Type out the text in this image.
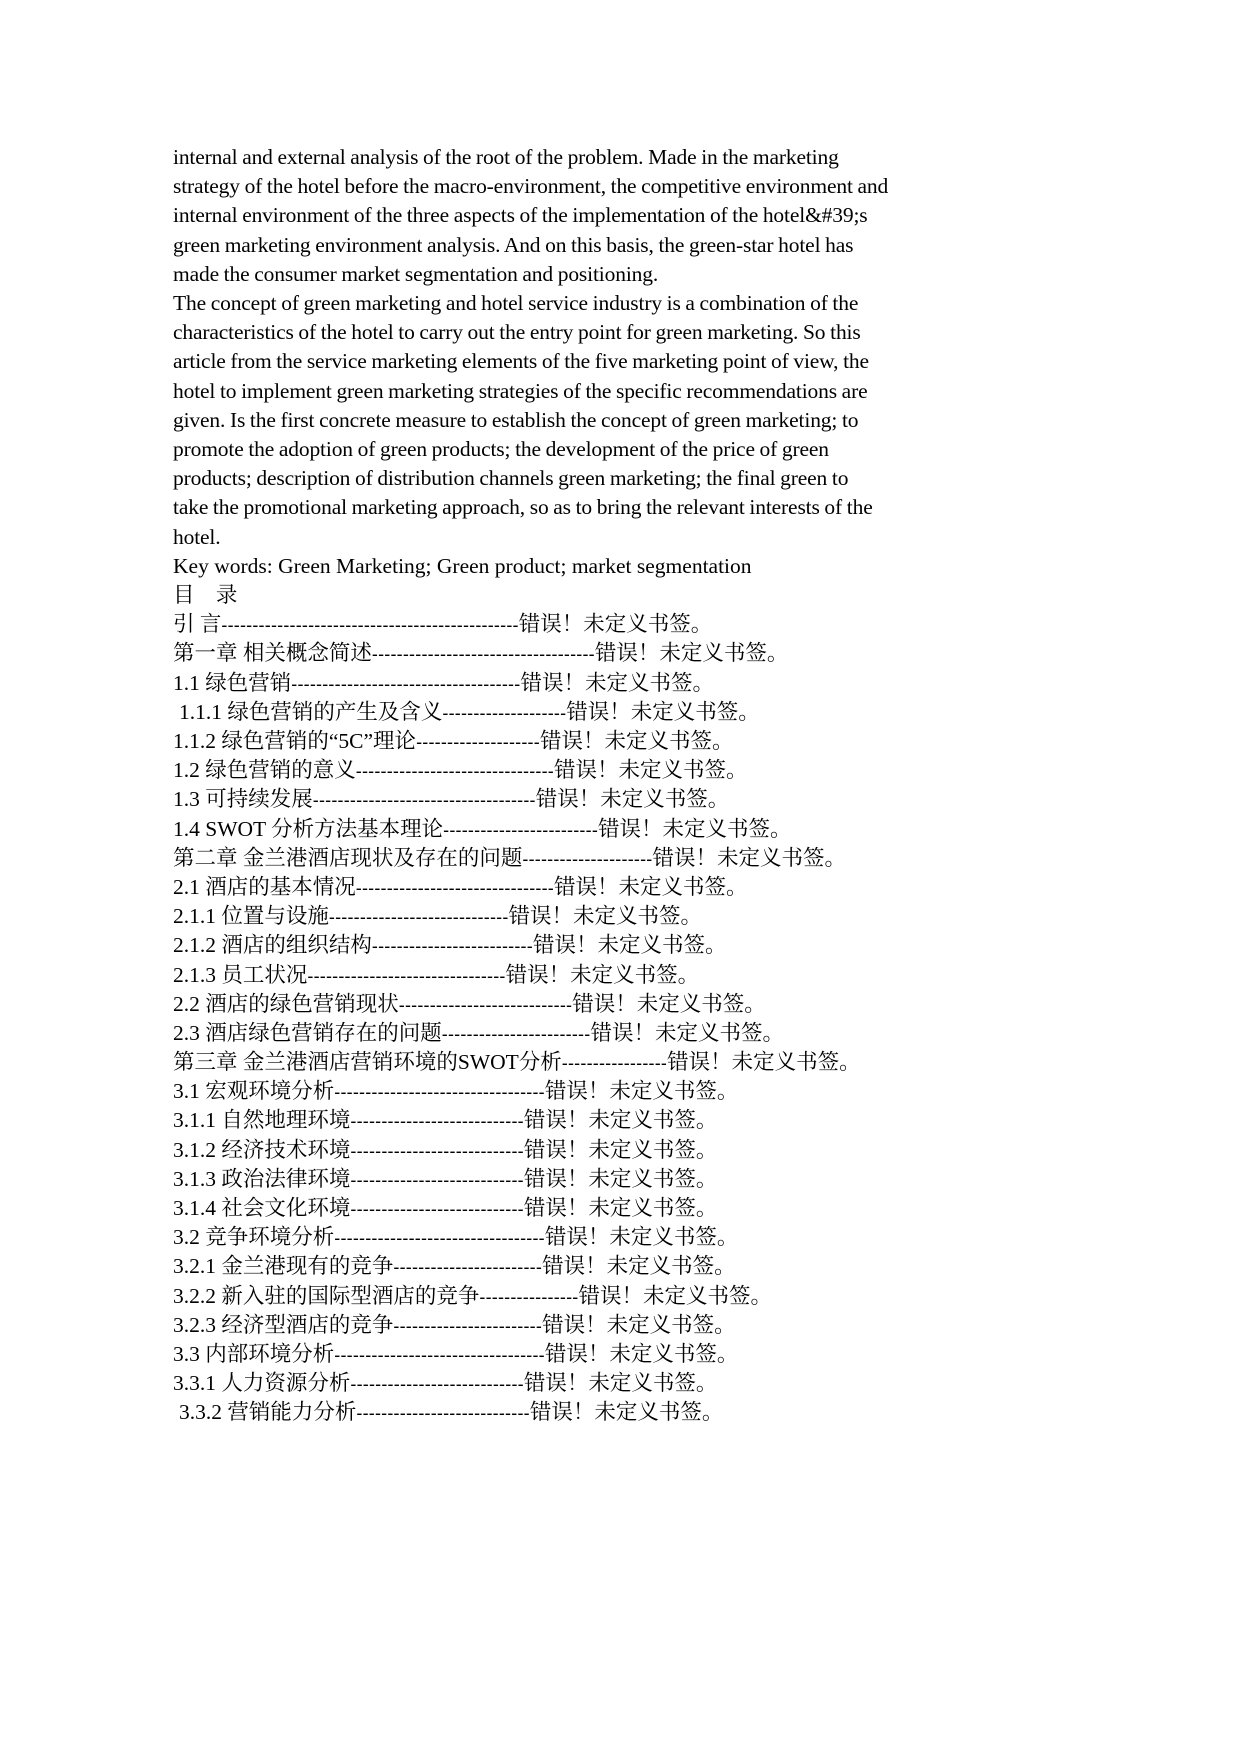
internal and external analysis of the root of the problem. Made in the marketing
strategy of the hotel before the macro-environment, the competitive environment and
internal environment of the three aspects of the implementation of the hotel&#39;s
green marketing environment analysis. And on this basis, the green-star hotel has
made the consumer market segmentation and positioning.

The concept of green marketing and hotel service industry is a combination of the
characteristics of the hotel to carry out the entry point for green marketing. So this
article from the service marketing elements of the five marketing point of view, the
hotel to implement green marketing strategies of the specific recommendations are
given. Is the first concrete measure to establish the concept of green marketing; to
promote the adoption of green products; the development of the price of green
products; description of distribution channels green marketing; the final green to
take the promotional marketing approach, so as to bring the relevant interests of the
hotel.

Key words: Green Marketing; Green product; market segmentation

目 录

引 言------------------------------------------------错误！未定义书签。
第一章 相关概念简述------------------------------------错误！未定义书签。
1.1 绿色营销-------------------------------------错误！未定义书签。
1.1.1 绿色营销的产生及含义--------------------错误！未定义书签。
1.1.2 绿色营销的“5C”理论--------------------错误！未定义书签。
1.2 绿色营销的意义--------------------------------错误！未定义书签。
1.3 可持续发展------------------------------------错误！未定义书签。
1.4 SWOT 分析方法基本理论-------------------------错误！未定义书签。
第二章 金兰港酒店现状及存在的问题---------------------错误！未定义书签。
2.1 酒店的基本情况--------------------------------错误！未定义书签。
2.1.1 位置与设施-----------------------------错误！未定义书签。
2.1.2 酒店的组织结构--------------------------错误！未定义书签。
2.1.3 员工状况--------------------------------错误！未定义书签。
2.2 酒店的绿色营销现状----------------------------错误！未定义书签。
2.3 酒店绿色营销存在的问题------------------------错误！未定义书签。
第三章 金兰港酒店营销环境的SWOT分析-----------------错误！未定义书签。
3.1 宏观环境分析----------------------------------错误！未定义书签。
3.1.1 自然地理环境----------------------------错误！未定义书签。
3.1.2 经济技术环境----------------------------错误！未定义书签。
3.1.3 政治法律环境----------------------------错误！未定义书签。
3.1.4 社会文化环境----------------------------错误！未定义书签。
3.2 竞争环境分析----------------------------------错误！未定义书签。
3.2.1 金兰港现有的竞争------------------------错误！未定义书签。
3.2.2 新入驻的国际型酒店的竞争----------------错误！未定义书签。
3.2.3 经济型酒店的竞争------------------------错误！未定义书签。
3.3 内部环境分析----------------------------------错误！未定义书签。
3.3.1 人力资源分析----------------------------错误！未定义书签。
3.3.2 营销能力分析----------------------------错误！未定义书签。
